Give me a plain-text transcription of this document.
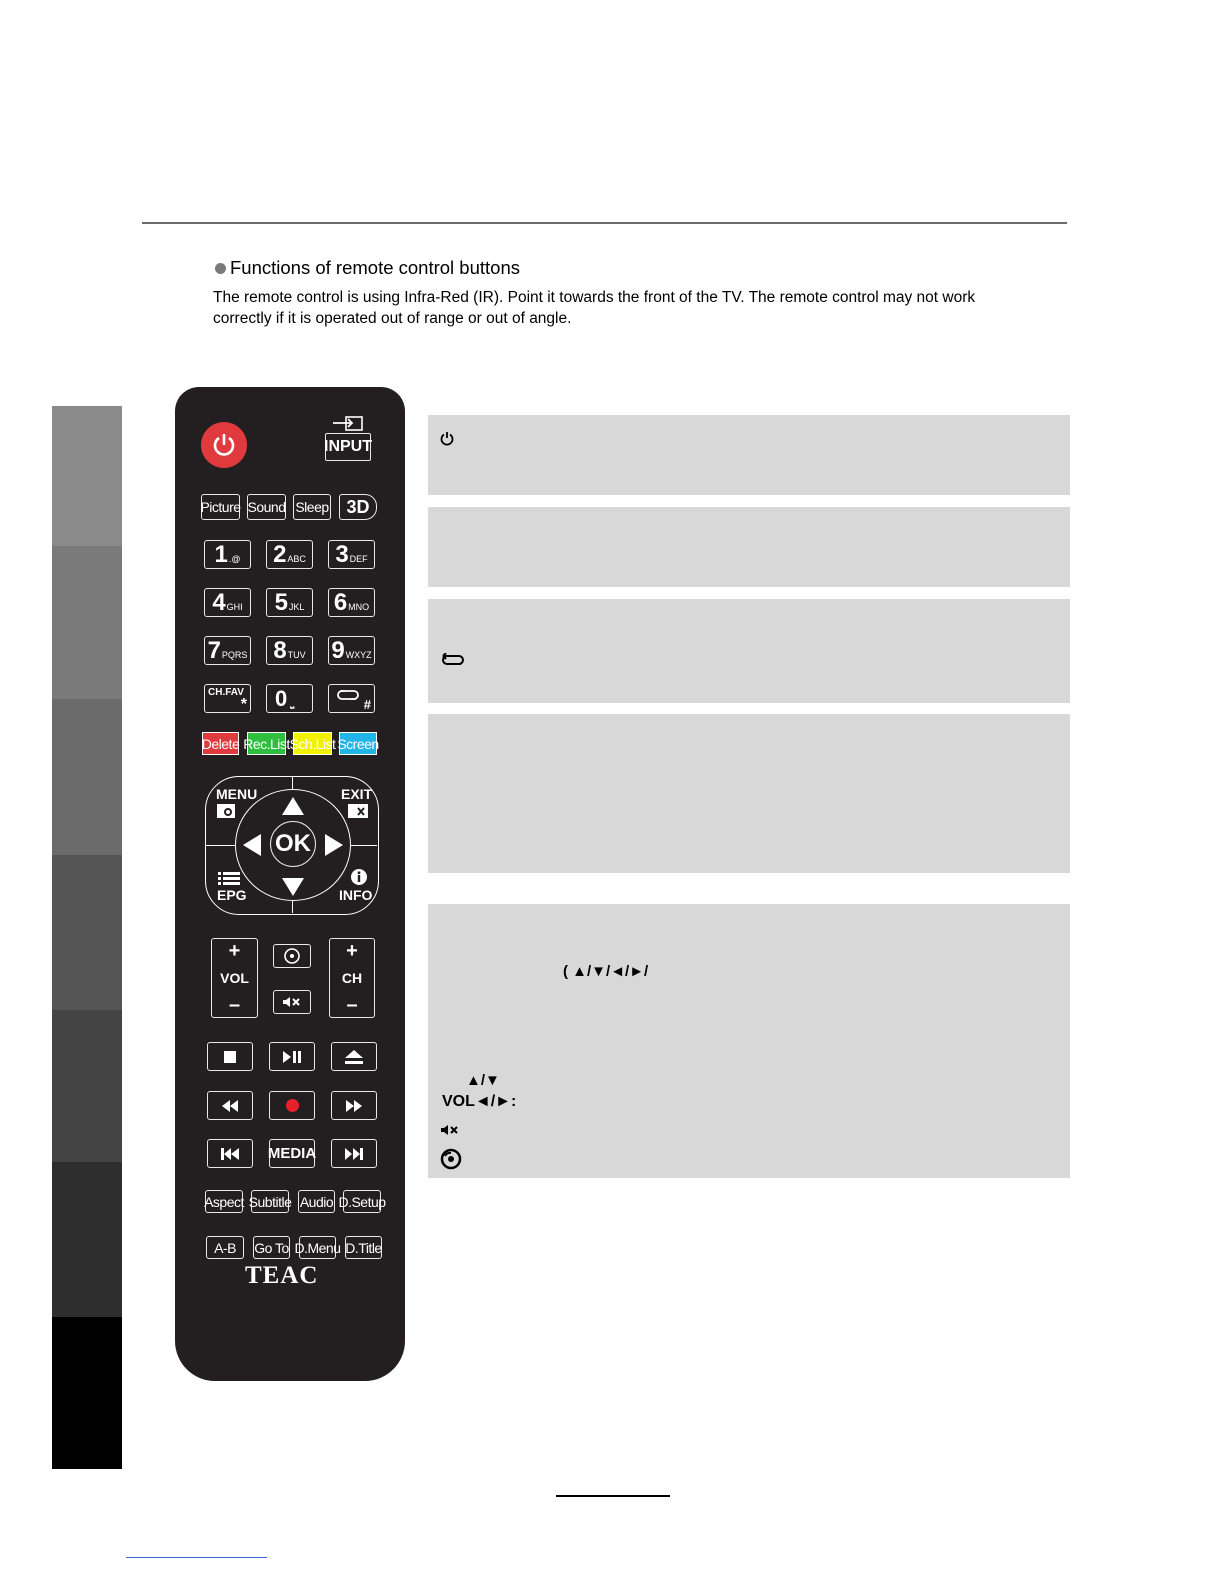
Functions of remote control buttons
The remote control is using Infra-Red (IR). Point it towards the front of the TV. The remote control may not work correctly if it is operated out of range or out of angle.
( ▲/▼/◄/►/
▲/▼
VOL◄/►:
INPUT
Picture Sound Sleep 3D
1 .@ 2 ABC 3 DEF
4 GHI 5 JKL 6 MNO
7 PQRS 8 TUV 9 WXYZ
CH.FAV
* 0 ⎵	#
Delete Rec.List Sch.List Screen
OK
MENU	EXIT
EPG	INFO
+
VOL
–
+
CH
–
MEDIA
Aspect Subtitle Audio D.Setup
A-B	Go To D.Menu D.Title
TEAC
